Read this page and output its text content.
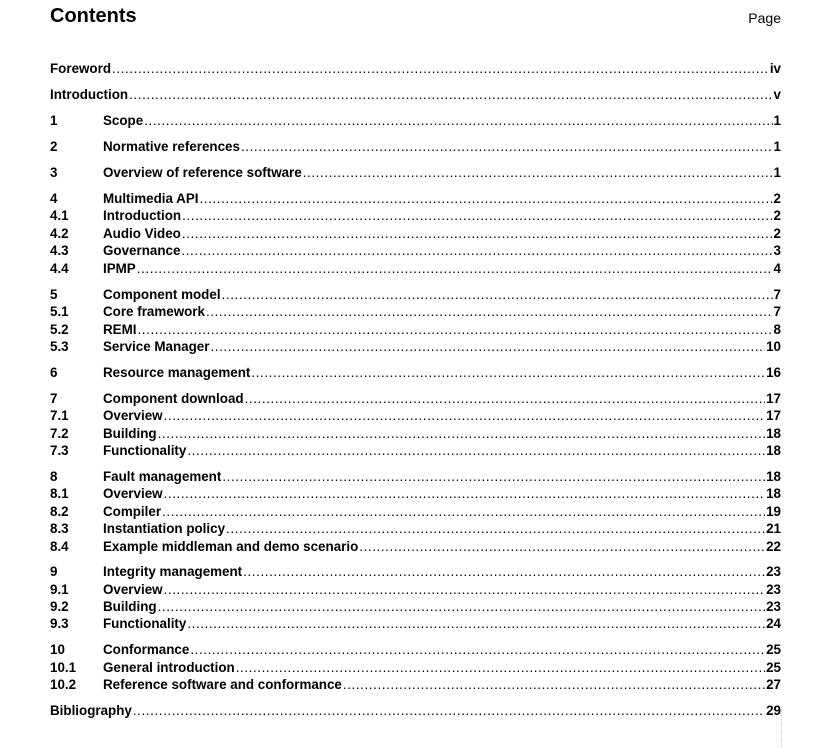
Contents	Page
Foreword .....	iv
Introduction .....	v
1	Scope .....	1
2	Normative references .....	1
3	Overview of reference software .....	1
4	Multimedia API .....	2
4.1	Introduction .....	2
4.2	Audio Video .....	2
4.3	Governance .....	3
4.4	IPMP .....	4
5	Component model .....	7
5.1	Core framework .....	7
5.2	REMI .....	8
5.3	Service Manager .....	10
6	Resource management .....	16
7	Component download .....	17
7.1	Overview .....	17
7.2	Building .....	18
7.3	Functionality .....	18
8	Fault management .....	18
8.1	Overview .....	18
8.2	Compiler .....	19
8.3	Instantiation policy .....	21
8.4	Example middleman and demo scenario .....	22
9	Integrity management .....	23
9.1	Overview .....	23
9.2	Building .....	23
9.3	Functionality .....	24
10	Conformance .....	25
10.1	General introduction .....	25
10.2	Reference software and conformance .....	27
Bibliography .....	29
